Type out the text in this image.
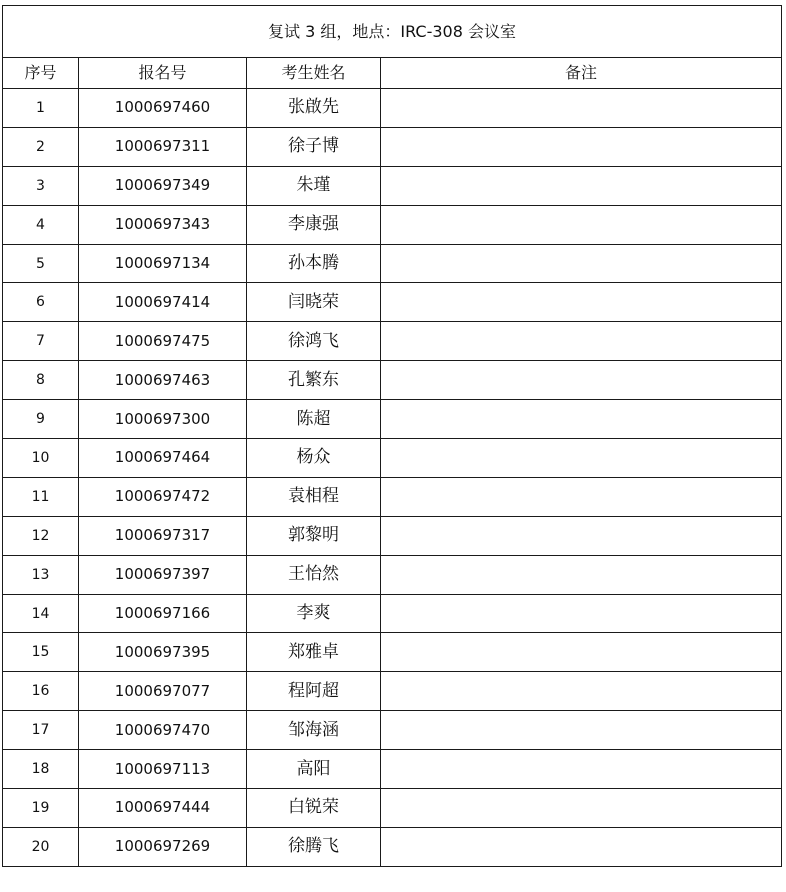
复试 3 组，地点：IRC-308 会议室			
序号	报名号	考生姓名	备注
1	1000697460	张啟先	
2	1000697311	徐子博	
3	1000697349	朱瑾	
4	1000697343	李康强	
5	1000697134	孙本腾	
6	1000697414	闫晓荣	
7	1000697475	徐鸿飞	
8	1000697463	孔繁东	
9	1000697300	陈超	
10	1000697464	杨众	
11	1000697472	袁相程	
12	1000697317	郭黎明	
13	1000697397	王怡然	
14	1000697166	李爽	
15	1000697395	郑雅卓	
16	1000697077	程阿超	
17	1000697470	邹海涵	
18	1000697113	高阳	
19	1000697444	白锐荣	
20	1000697269	徐腾飞	
